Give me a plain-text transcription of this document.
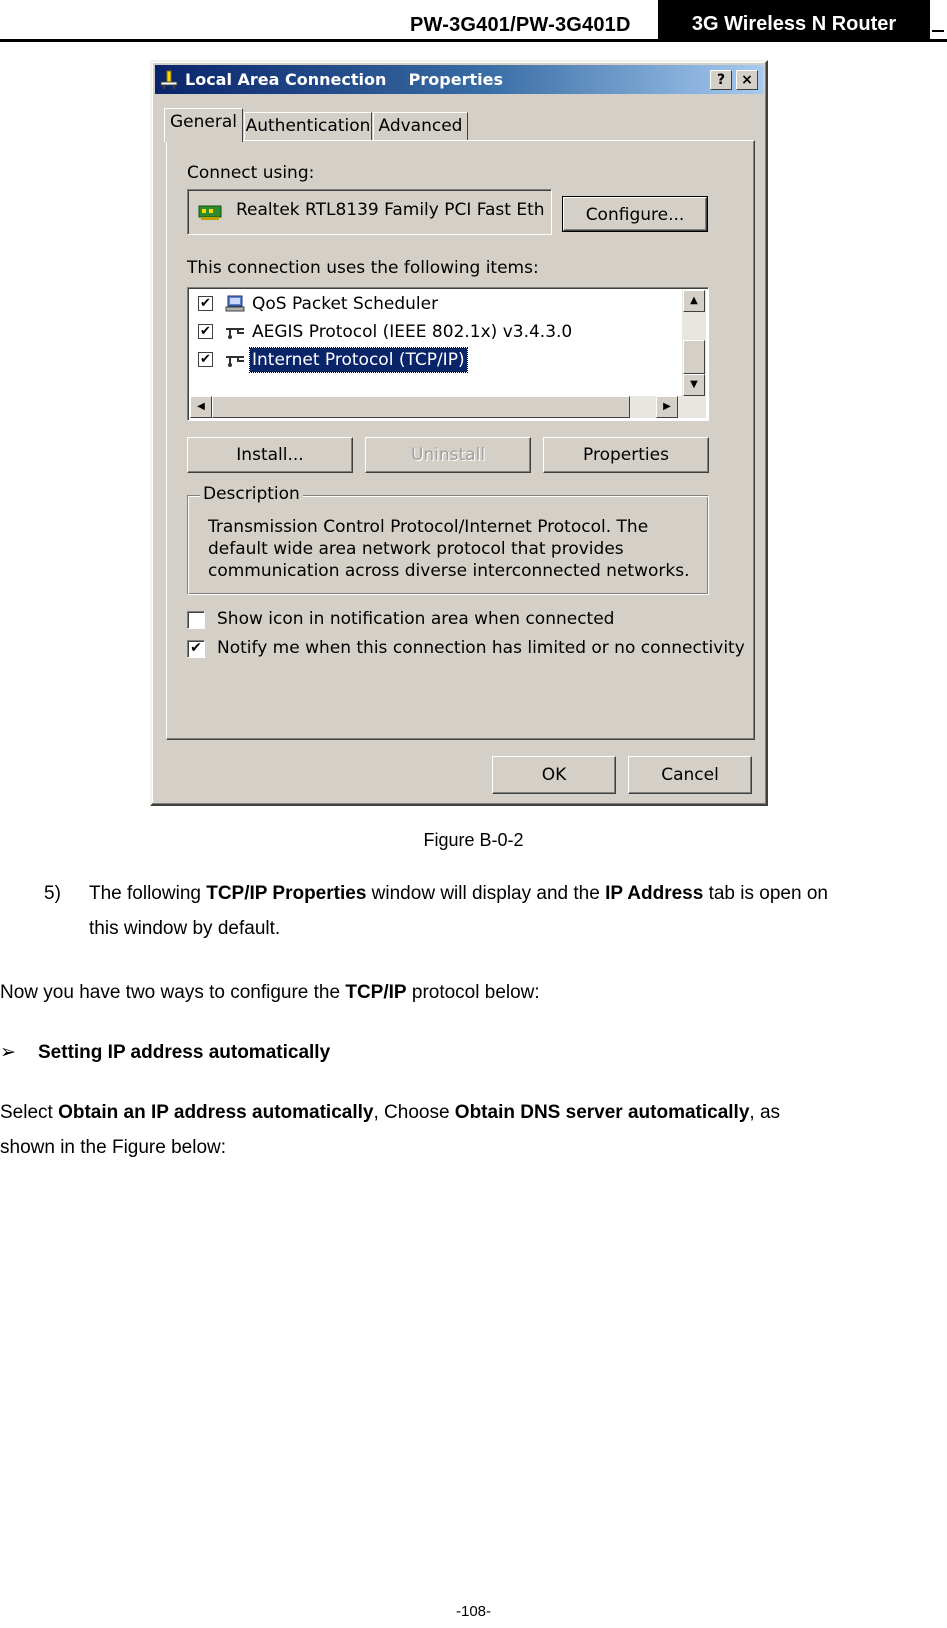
PW-3G401/PW-3G401D	3G Wireless N Router
Local Area Connection    Properties	?	×
General Authentication Advanced
Connect using:
Realtek RTL8139 Family PCI Fast Eth	Configure...
This connection uses the following items:
✔ QoS Packet Scheduler
✔ AEGIS Protocol (IEEE 802.1x) v3.4.3.0
✔ Internet Protocol (TCP/IP)
▲
▼
◀	▶
Install...	Uninstall	Properties
Description
Transmission Control Protocol/Internet Protocol. The default wide area network protocol that provides communication across diverse interconnected networks.
Show icon in notification area when connected
✔ Notify me when this connection has limited or no connectivity
OK	Cancel
Figure B-0-2
5) The following TCP/IP Properties window will display and the IP Address tab is open on
this window by default.
Now you have two ways to configure the TCP/IP protocol below:
➢ Setting IP address automatically
Select Obtain an IP address automatically, Choose Obtain DNS server automatically, as
shown in the Figure below:
-108-
